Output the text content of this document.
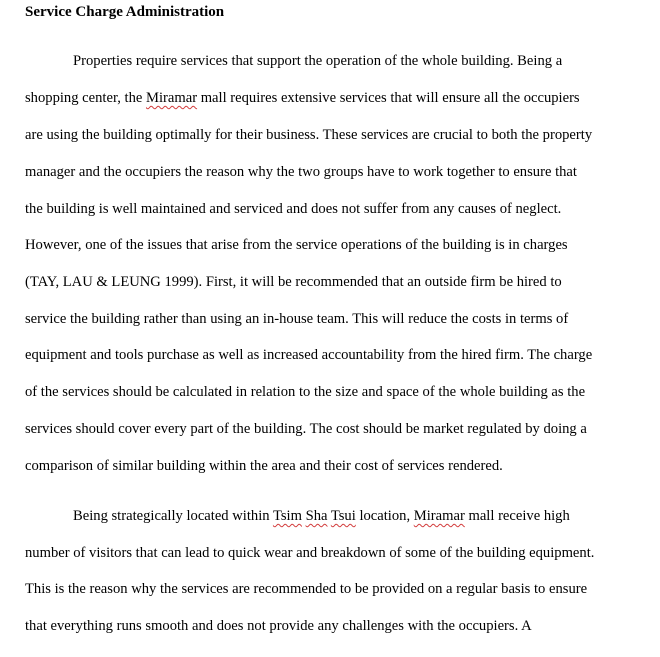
Service Charge Administration
Properties require services that support the operation of the whole building. Being a
shopping center, the Miramar mall requires extensive services that will ensure all the occupiers
are using the building optimally for their business. These services are crucial to both the property
manager and the occupiers the reason why the two groups have to work together to ensure that
the building is well maintained and serviced and does not suffer from any causes of neglect.
However, one of the issues that arise from the service operations of the building is in charges
(TAY, LAU & LEUNG 1999). First, it will be recommended that an outside firm be hired to
service the building rather than using an in-house team. This will reduce the costs in terms of
equipment and tools purchase as well as increased accountability from the hired firm. The charge
of the services should be calculated in relation to the size and space of the whole building as the
services should cover every part of the building. The cost should be market regulated by doing a
comparison of similar building within the area and their cost of services rendered.
Being strategically located within Tsim Sha Tsui location, Miramar mall receive high
number of visitors that can lead to quick wear and breakdown of some of the building equipment.
This is the reason why the services are recommended to be provided on a regular basis to ensure
that everything runs smooth and does not provide any challenges with the occupiers. A
